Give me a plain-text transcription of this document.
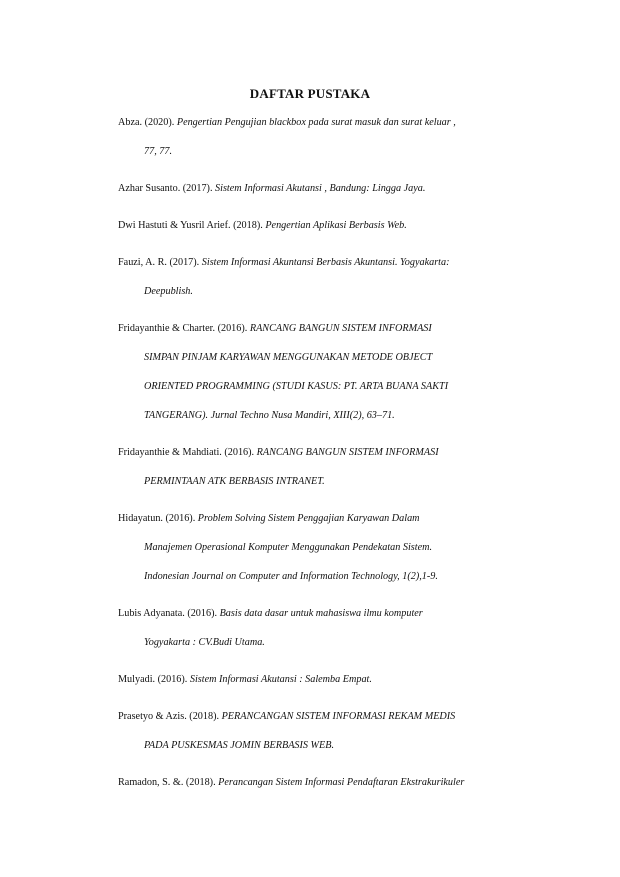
DAFTAR PUSTAKA
Abza. (2020). Pengertian Pengujian blackbox pada surat masuk dan surat keluar ,
77, 77.
Azhar Susanto. (2017). Sistem Informasi Akutansi , Bandung: Lingga Jaya.
Dwi Hastuti & Yusril Arief. (2018). Pengertian Aplikasi Berbasis Web.
Fauzi, A. R. (2017). Sistem Informasi Akuntansi Berbasis Akuntansi. Yogyakarta:
Deepublish.
Fridayanthie & Charter. (2016). RANCANG BANGUN SISTEM INFORMASI
SIMPAN PINJAM KARYAWAN MENGGUNAKAN METODE OBJECT
ORIENTED PROGRAMMING (STUDI KASUS: PT. ARTA BUANA SAKTI
TANGERANG). Jurnal Techno Nusa Mandiri, XIII(2), 63–71.
Fridayanthie & Mahdiati. (2016). RANCANG BANGUN SISTEM INFORMASI
PERMINTAAN ATK BERBASIS INTRANET.
Hidayatun. (2016). Problem Solving Sistem Penggajian Karyawan Dalam
Manajemen Operasional Komputer Menggunakan Pendekatan Sistem.
Indonesian Journal on Computer and Information Technology, 1(2),1-9.
Lubis Adyanata. (2016). Basis data dasar untuk mahasiswa ilmu komputer
Yogyakarta : CV.Budi Utama.
Mulyadi. (2016). Sistem Informasi Akutansi : Salemba Empat.
Prasetyo & Azis. (2018). PERANCANGAN SISTEM INFORMASI REKAM MEDIS
PADA PUSKESMAS JOMIN BERBASIS WEB.
Ramadon, S. &. (2018). Perancangan Sistem Informasi Pendaftaran Ekstrakurikuler
